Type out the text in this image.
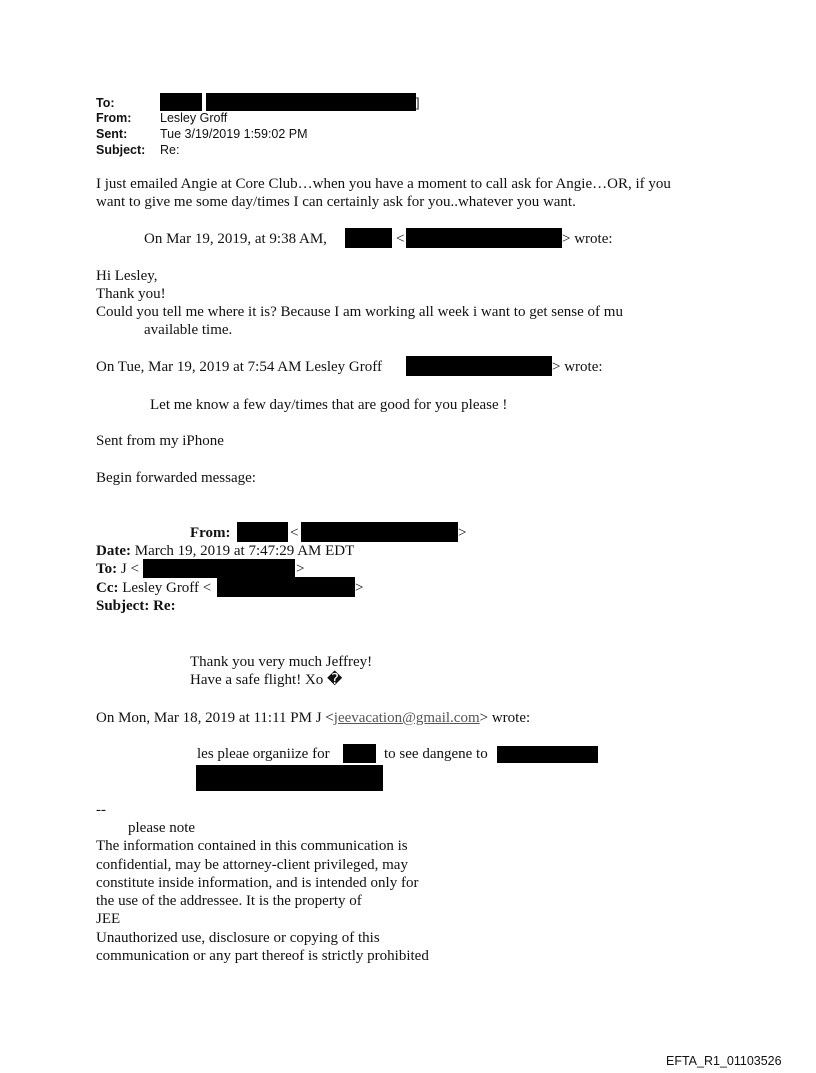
To:	]
From: Lesley Groff
Sent:	Tue 3/19/2019 1:59:02 PM
Subject: Re:
I just emailed Angie at Core Club…when you have a moment to call ask for Angie…OR, if you
want to give me some day/times I can certainly ask for you..whatever you want.
On Mar 19, 2019, at 9:38 AM,	<	> wrote:
Hi Lesley,
Thank you!
Could you tell me where it is? Because I am working all week i want to get sense of mu
available time.
On Tue, Mar 19, 2019 at 7:54 AM Lesley Groff	> wrote:
Let me know a few day/times that are good for you please !
Sent from my iPhone
Begin forwarded message:
From:	<	>
Date: March 19, 2019 at 7:47:29 AM EDT
To: J <	>
Cc: Lesley Groff <	>
Subject: Re:
Thank you very much Jeffrey!
Have a safe flight! Xo �
On Mon, Mar 18, 2019 at 11:11 PM J <jeevacation@gmail.com> wrote:
les pleae organiize for	to see dangene to
--
please note
The information contained in this communication is
confidential, may be attorney-client privileged, may
constitute inside information, and is intended only for
the use of the addressee. It is the property of
JEE
Unauthorized use, disclosure or copying of this
communication or any part thereof is strictly prohibited
EFTA_R1_01103526
